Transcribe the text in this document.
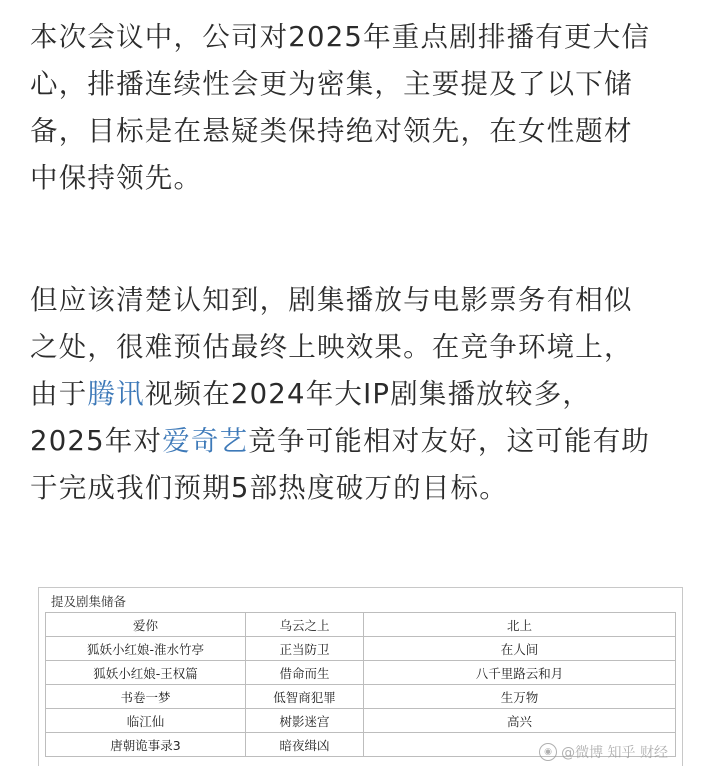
本次会议中，公司对2025年重点剧排播有更大信
心，排播连续性会更为密集，主要提及了以下储
备，目标是在悬疑类保持绝对领先，在女性题材
中保持领先。

但应该清楚认知到，剧集播放与电影票务有相似
之处，很难预估最终上映效果。在竞争环境上，
由于腾讯视频在2024年大IP剧集播放较多，
2025年对爱奇艺竞争可能相对友好，这可能有助
于完成我们预期5部热度破万的目标。

提及剧集储备
爱你	乌云之上	北上
狐妖小红娘-淮水竹亭	正当防卫	在人间
狐妖小红娘-王权篇	借命而生	八千里路云和月
书卷一梦	低智商犯罪	生万物
临江仙	树影迷宫	高兴
唐朝诡事录3	暗夜缉凶		◉ @微博 知乎 财经
